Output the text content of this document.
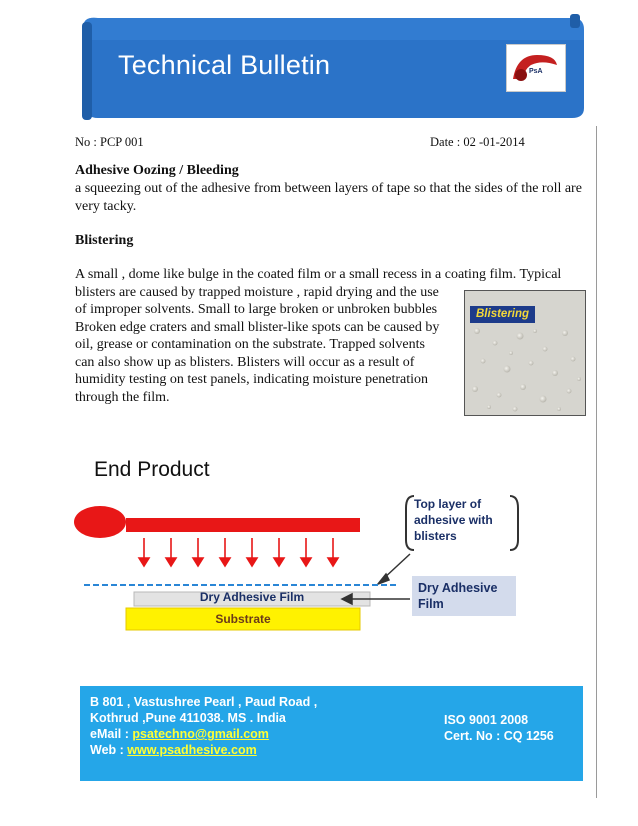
Technical Bulletin	PsA
No : PCP 001	Date : 02 -01-2014
Adhesive Oozing / Bleeding
a squeezing out of the adhesive from between layers of tape so that the sides of the roll are very tacky.
Blistering
A small , dome like bulge in the coated film or a small recess in a coating film. Typical
blisters are caused by trapped moisture , rapid drying and the use
of improper solvents. Small to large broken or unbroken bubbles
Broken edge craters and small blister-like spots can be caused by
oil, grease or contamination on the substrate. Trapped solvents
can also show up as blisters. Blisters will occur as a result of
humidity testing on test panels, indicating moisture penetration
through the film.
Blistering
End Product
Top layer of
adhesive with
blisters
Dry Adhesive
Film
Dry Adhesive Film
Substrate
B 801 , Vastushree Pearl , Paud Road ,
Kothrud ,Pune 411038. MS . India
eMail : psatechno@gmail.com
Web : www.psadhesive.com
ISO 9001 2008
Cert. No : CQ 1256
